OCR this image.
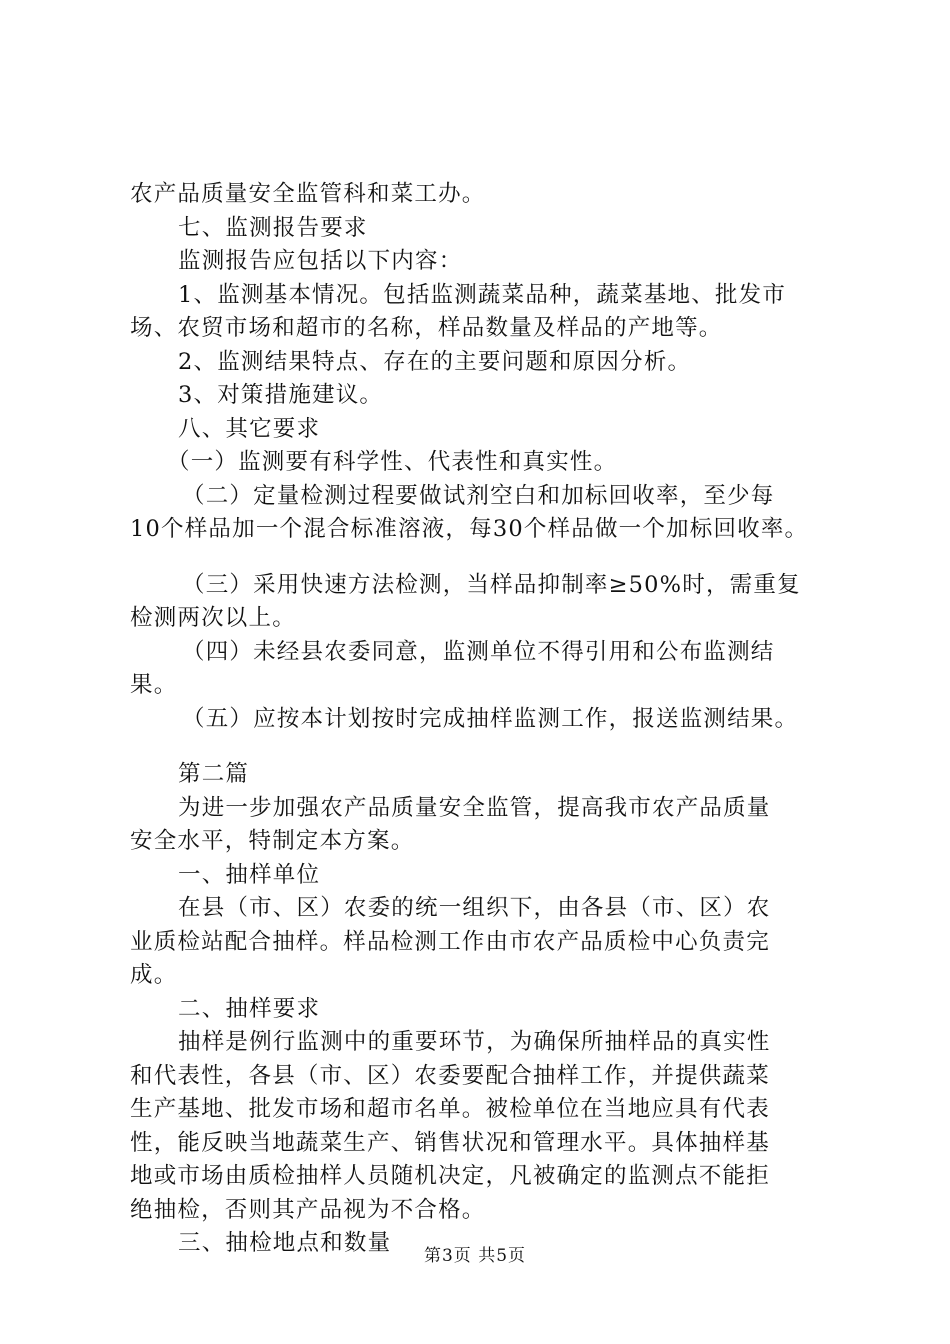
农产品质量安全监管科和菜工办。
七、监测报告要求
监测报告应包括以下内容：
1、监测基本情况。包括监测蔬菜品种，蔬菜基地、批发市
场、农贸市场和超市的名称，样品数量及样品的产地等。
2、监测结果特点、存在的主要问题和原因分析。
3、对策措施建议。
八、其它要求
（一）监测要有科学性、代表性和真实性。
（二）定量检测过程要做试剂空白和加标回收率，至少每
10个样品加一个混合标准溶液，每30个样品做一个加标回收率。
（三）采用快速方法检测，当样品抑制率≥50%时，需重复
检测两次以上。
（四）未经县农委同意，监测单位不得引用和公布监测结
果。
（五）应按本计划按时完成抽样监测工作，报送监测结果。
第二篇
为进一步加强农产品质量安全监管，提高我市农产品质量
安全水平，特制定本方案。
一、抽样单位
在县（市、区）农委的统一组织下，由各县（市、区）农
业质检站配合抽样。样品检测工作由市农产品质检中心负责完
成。
二、抽样要求
抽样是例行监测中的重要环节，为确保所抽样品的真实性
和代表性，各县（市、区）农委要配合抽样工作，并提供蔬菜
生产基地、批发市场和超市名单。被检单位在当地应具有代表
性，能反映当地蔬菜生产、销售状况和管理水平。具体抽样基
地或市场由质检抽样人员随机决定，凡被确定的监测点不能拒
绝抽检，否则其产品视为不合格。
三、抽检地点和数量	第3页 共5页
